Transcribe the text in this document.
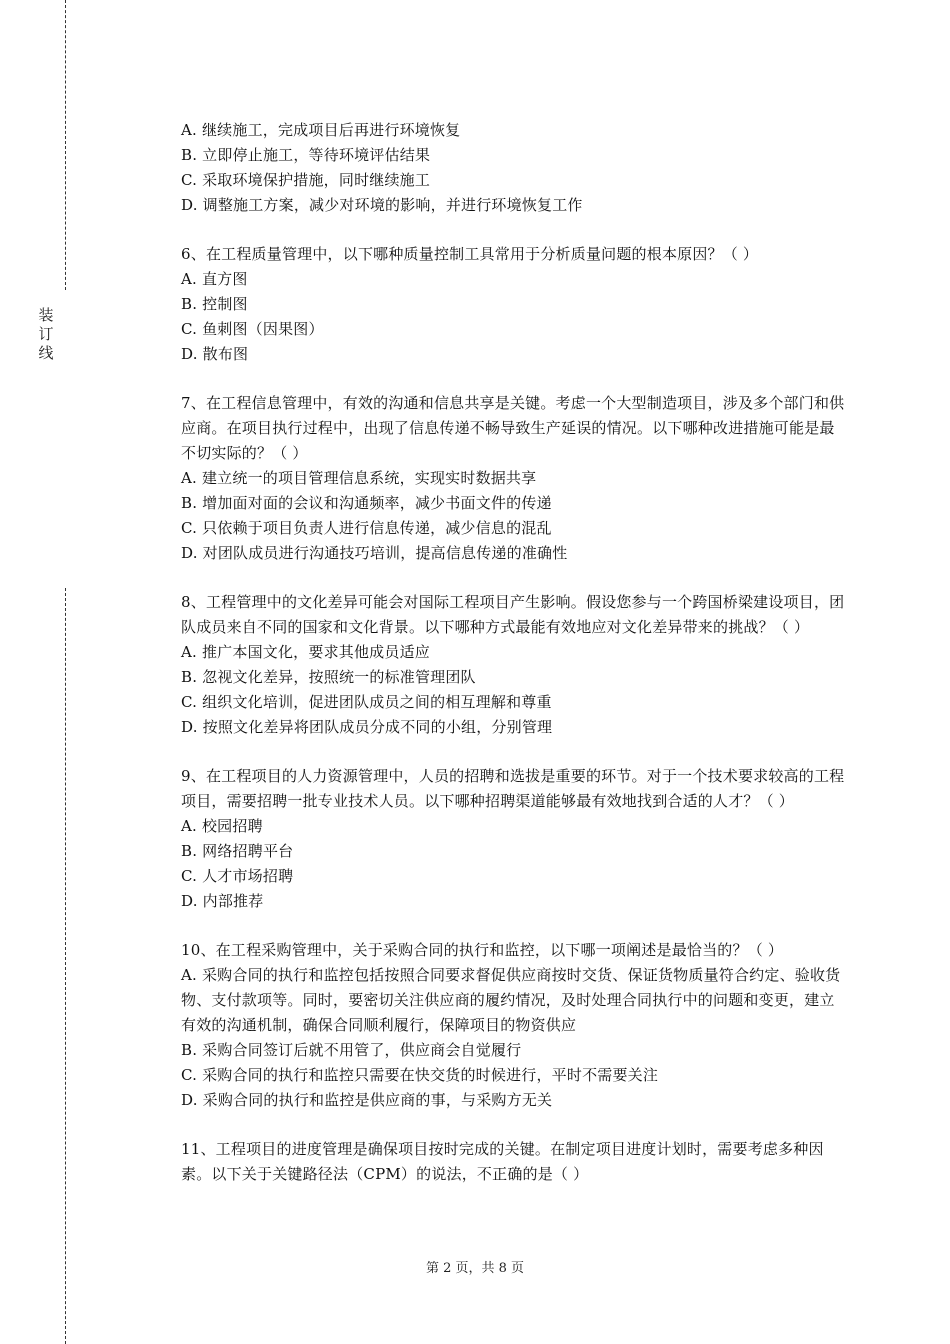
装订线

A. 继续施工，完成项目后再进行环境恢复

B. 立即停止施工，等待环境评估结果

C. 采取环境保护措施，同时继续施工

D. 调整施工方案，减少对环境的影响，并进行环境恢复工作

6、在工程质量管理中，以下哪种质量控制工具常用于分析质量问题的根本原因？（ ）

A. 直方图

B. 控制图

C. 鱼刺图（因果图）

D. 散布图

7、在工程信息管理中，有效的沟通和信息共享是关键。考虑一个大型制造项目，涉及多个部门和供应商。在项目执行过程中，出现了信息传递不畅导致生产延误的情况。以下哪种改进措施可能是最不切实际的？（ ）

A. 建立统一的项目管理信息系统，实现实时数据共享

B. 增加面对面的会议和沟通频率，减少书面文件的传递

C. 只依赖于项目负责人进行信息传递，减少信息的混乱

D. 对团队成员进行沟通技巧培训，提高信息传递的准确性

8、工程管理中的文化差异可能会对国际工程项目产生影响。假设您参与一个跨国桥梁建设项目，团队成员来自不同的国家和文化背景。以下哪种方式最能有效地应对文化差异带来的挑战？（ ）

A. 推广本国文化，要求其他成员适应

B. 忽视文化差异，按照统一的标准管理团队

C. 组织文化培训，促进团队成员之间的相互理解和尊重

D. 按照文化差异将团队成员分成不同的小组，分别管理

9、在工程项目的人力资源管理中，人员的招聘和选拔是重要的环节。对于一个技术要求较高的工程项目，需要招聘一批专业技术人员。以下哪种招聘渠道能够最有效地找到合适的人才？（ ）

A. 校园招聘

B. 网络招聘平台

C. 人才市场招聘

D. 内部推荐

10、在工程采购管理中，关于采购合同的执行和监控，以下哪一项阐述是最恰当的？（ ）

A. 采购合同的执行和监控包括按照合同要求督促供应商按时交货、保证货物质量符合约定、验收货物、支付款项等。同时，要密切关注供应商的履约情况，及时处理合同执行中的问题和变更，建立有效的沟通机制，确保合同顺利履行，保障项目的物资供应

B. 采购合同签订后就不用管了，供应商会自觉履行

C. 采购合同的执行和监控只需要在快交货的时候进行，平时不需要关注

D. 采购合同的执行和监控是供应商的事，与采购方无关

11、工程项目的进度管理是确保项目按时完成的关键。在制定项目进度计划时，需要考虑多种因素。以下关于关键路径法（CPM）的说法，不正确的是（ ）

第 2 页，共 8 页
